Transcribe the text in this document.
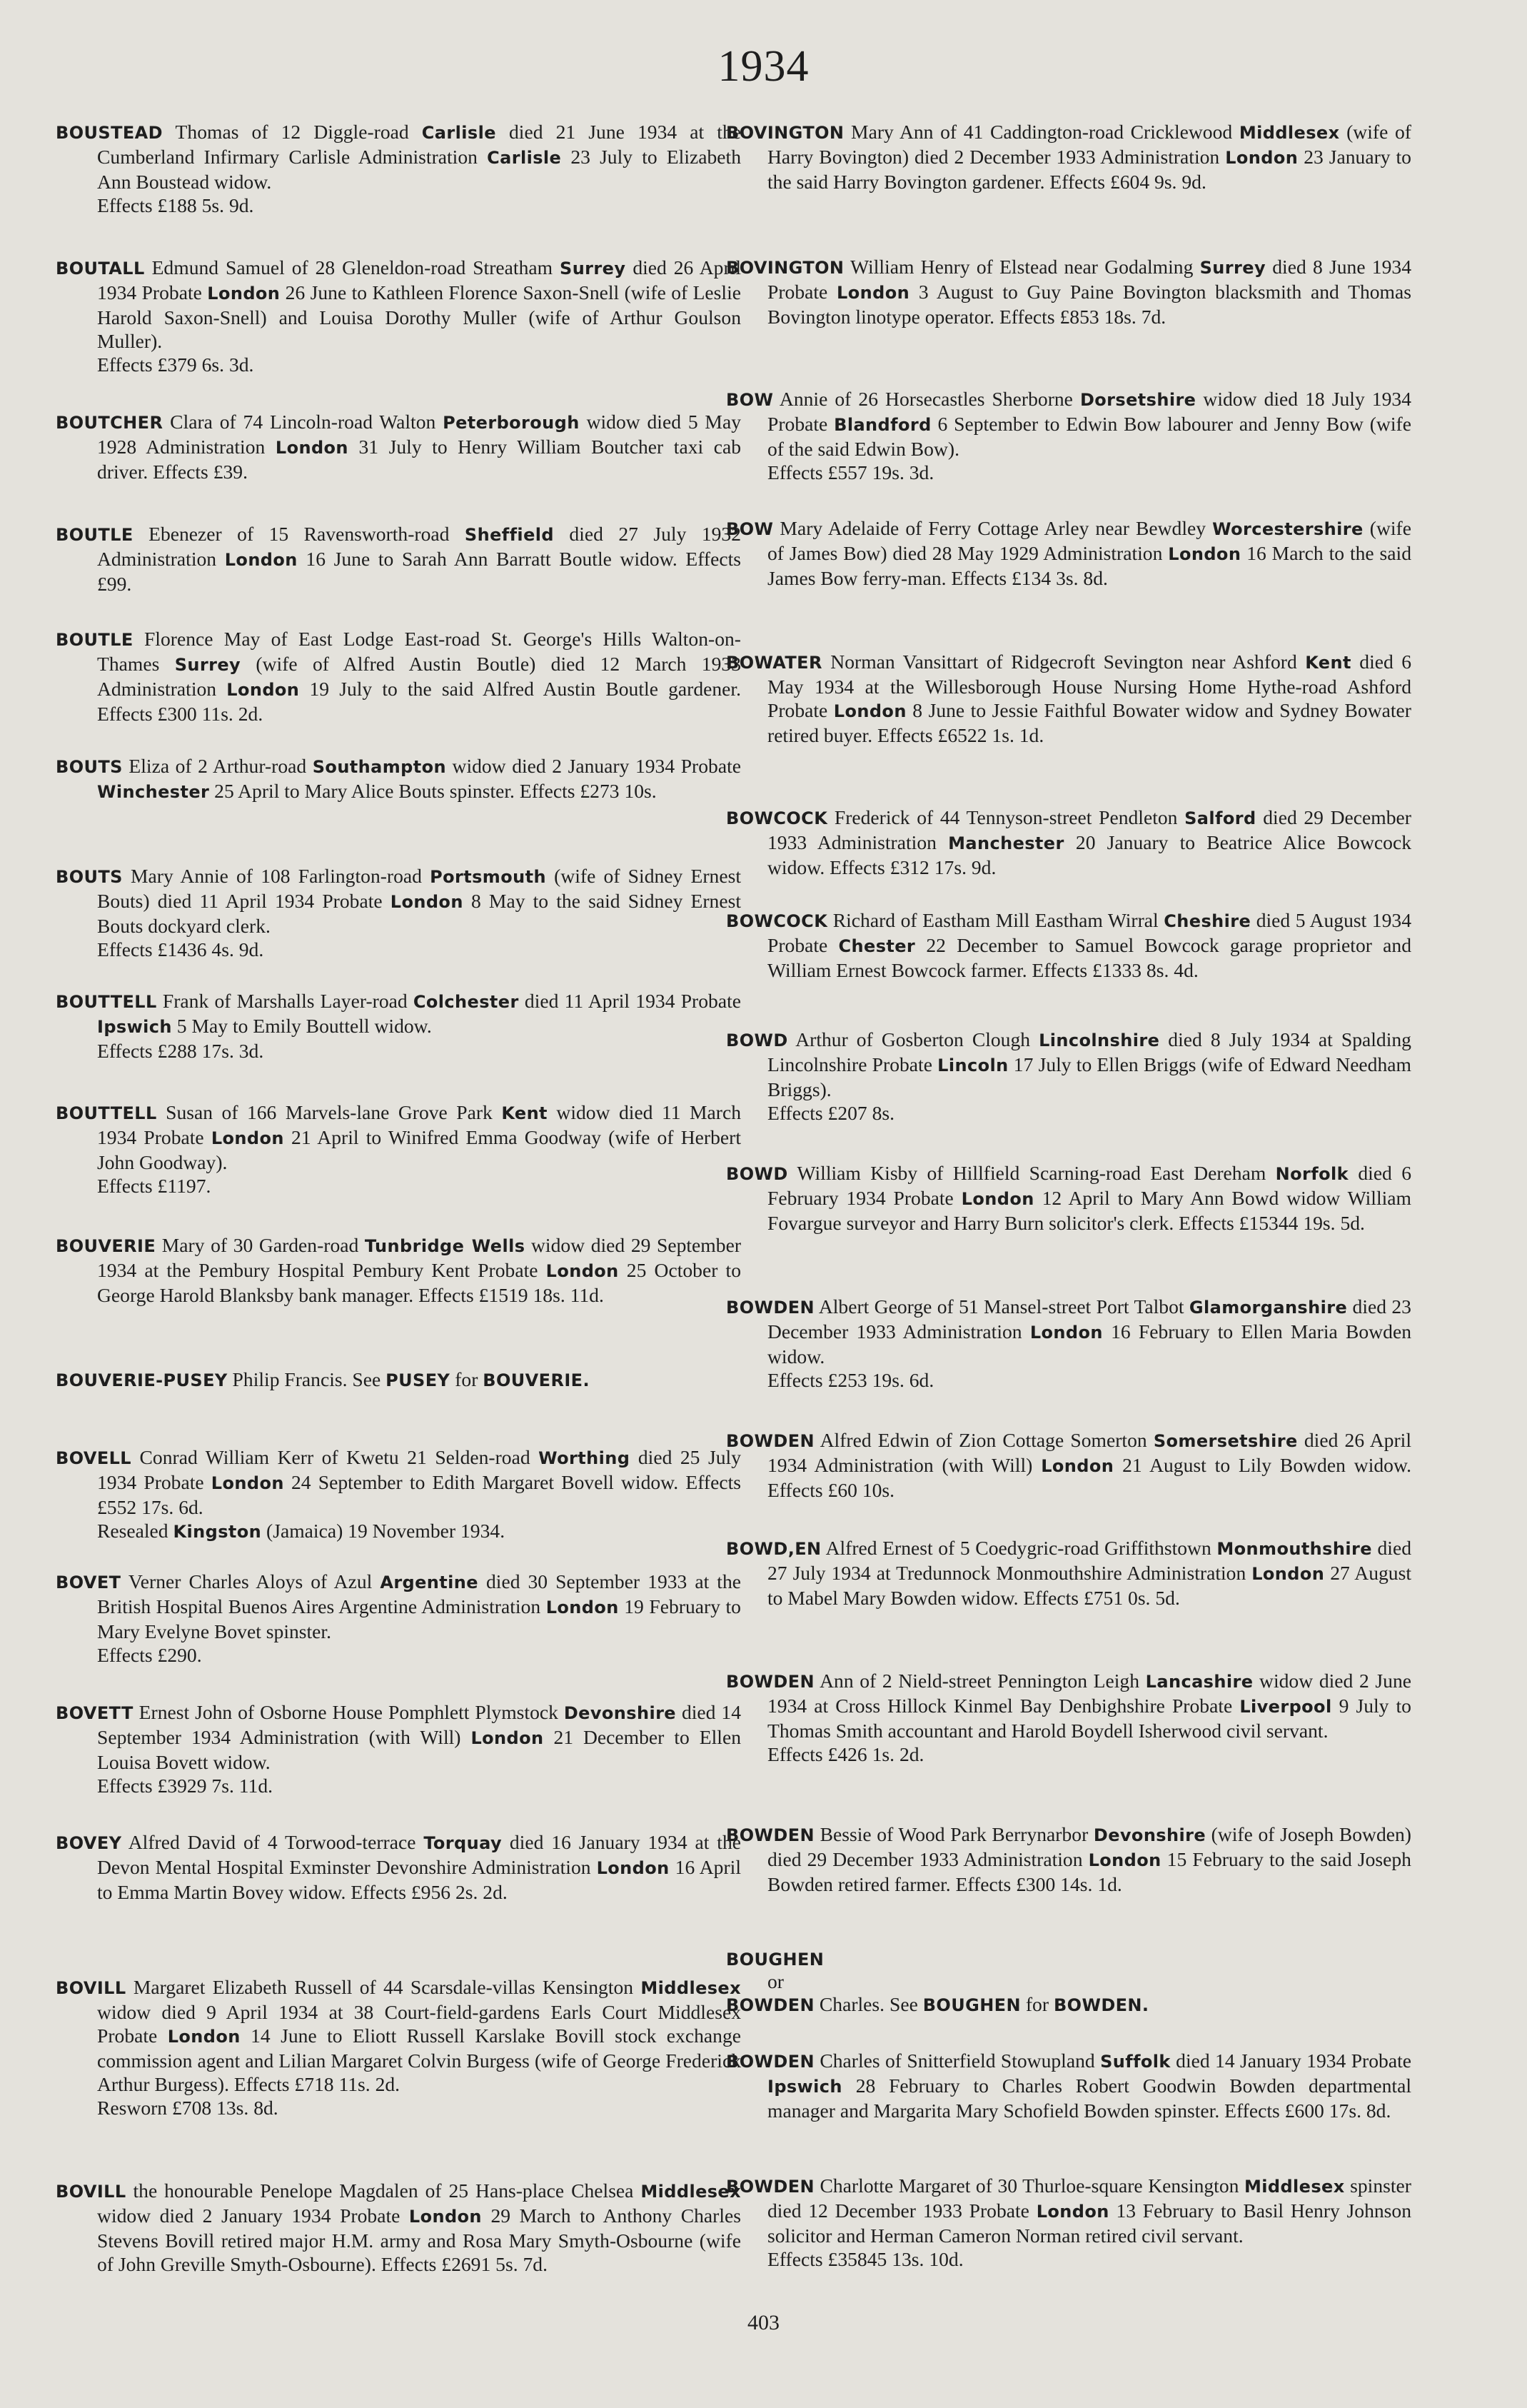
1934

BOUSTEAD Thomas of 12 Diggle-road Carlisle died 21 June 1934 at the Cumberland Infirmary Carlisle Administration Carlisle 23 July to Elizabeth Ann Boustead widow.

Effects £188 5s. 9d.

BOUTALL Edmund Samuel of 28 Gleneldon-road Streatham Surrey died 26 April 1934 Probate London 26 June to Kathleen Florence Saxon-Snell (wife of Leslie Harold Saxon-Snell) and Louisa Dorothy Muller (wife of Arthur Goulson Muller).

Effects £379 6s. 3d.

BOUTCHER Clara of 74 Lincoln-road Walton Peterborough widow died 5 May 1928 Administration London 31 July to Henry William Boutcher taxi cab driver. Effects £39.

BOUTLE Ebenezer of 15 Ravensworth-road Sheffield died 27 July 1932 Administration London 16 June to Sarah Ann Barratt Boutle widow. Effects £99.

BOUTLE Florence May of East Lodge East-road St. George's Hills Walton-on-Thames Surrey (wife of Alfred Austin Boutle) died 12 March 1933 Administration London 19 July to the said Alfred Austin Boutle gardener. Effects £300 11s. 2d.

BOUTS Eliza of 2 Arthur-road Southampton widow died 2 January 1934 Probate Winchester 25 April to Mary Alice Bouts spinster. Effects £273 10s.

BOUTS Mary Annie of 108 Farlington-road Portsmouth (wife of Sidney Ernest Bouts) died 11 April 1934 Probate London 8 May to the said Sidney Ernest Bouts dockyard clerk.

Effects £1436 4s. 9d.

BOUTTELL Frank of Marshalls Layer-road Colchester died 11 April 1934 Probate Ipswich 5 May to Emily Bouttell widow.

Effects £288 17s. 3d.

BOUTTELL Susan of 166 Marvels-lane Grove Park Kent widow died 11 March 1934 Probate London 21 April to Winifred Emma Goodway (wife of Herbert John Goodway).

Effects £1197.

BOUVERIE Mary of 30 Garden-road Tunbridge Wells widow died 29 September 1934 at the Pembury Hospital Pembury Kent Probate London 25 October to George Harold Blanksby bank manager. Effects £1519 18s. 11d.

BOUVERIE-PUSEY Philip Francis. See PUSEY for BOUVERIE.

BOVELL Conrad William Kerr of Kwetu 21 Selden-road Worthing died 25 July 1934 Probate London 24 September to Edith Margaret Bovell widow. Effects £552 17s. 6d.

Resealed Kingston (Jamaica) 19 November 1934.

BOVET Verner Charles Aloys of Azul Argentine died 30 September 1933 at the British Hospital Buenos Aires Argentine Administration London 19 February to Mary Evelyne Bovet spinster.

Effects £290.

BOVETT Ernest John of Osborne House Pomphlett Plymstock Devonshire died 14 September 1934 Administration (with Will) London 21 December to Ellen Louisa Bovett widow.

Effects £3929 7s. 11d.

BOVEY Alfred David of 4 Torwood-terrace Torquay died 16 January 1934 at the Devon Mental Hospital Exminster Devonshire Administration London 16 April to Emma Martin Bovey widow. Effects £956 2s. 2d.

BOVILL Margaret Elizabeth Russell of 44 Scarsdale-villas Kensington Middlesex widow died 9 April 1934 at 38 Court-field-gardens Earls Court Middlesex Probate London 14 June to Eliott Russell Karslake Bovill stock exchange commission agent and Lilian Margaret Colvin Burgess (wife of George Frederick Arthur Burgess). Effects £718 11s. 2d.

Resworn £708 13s. 8d.

BOVILL the honourable Penelope Magdalen of 25 Hans-place Chelsea Middlesex widow died 2 January 1934 Probate London 29 March to Anthony Charles Stevens Bovill retired major H.M. army and Rosa Mary Smyth-Osbourne (wife of John Greville Smyth-Osbourne). Effects £2691 5s. 7d.

BOVINGTON Mary Ann of 41 Caddington-road Cricklewood Middlesex (wife of Harry Bovington) died 2 December 1933 Administration London 23 January to the said Harry Bovington gardener. Effects £604 9s. 9d.

BOVINGTON William Henry of Elstead near Godalming Surrey died 8 June 1934 Probate London 3 August to Guy Paine Bovington blacksmith and Thomas Bovington linotype operator. Effects £853 18s. 7d.

BOW Annie of 26 Horsecastles Sherborne Dorsetshire widow died 18 July 1934 Probate Blandford 6 September to Edwin Bow labourer and Jenny Bow (wife of the said Edwin Bow).

Effects £557 19s. 3d.

BOW Mary Adelaide of Ferry Cottage Arley near Bewdley Worcestershire (wife of James Bow) died 28 May 1929 Administration London 16 March to the said James Bow ferry-man. Effects £134 3s. 8d.

BOWATER Norman Vansittart of Ridgecroft Sevington near Ashford Kent died 6 May 1934 at the Willesborough House Nursing Home Hythe-road Ashford Probate London 8 June to Jessie Faithful Bowater widow and Sydney Bowater retired buyer. Effects £6522 1s. 1d.

BOWCOCK Frederick of 44 Tennyson-street Pendleton Salford died 29 December 1933 Administration Manchester 20 January to Beatrice Alice Bowcock widow. Effects £312 17s. 9d.

BOWCOCK Richard of Eastham Mill Eastham Wirral Cheshire died 5 August 1934 Probate Chester 22 December to Samuel Bowcock garage proprietor and William Ernest Bowcock farmer. Effects £1333 8s. 4d.

BOWD Arthur of Gosberton Clough Lincolnshire died 8 July 1934 at Spalding Lincolnshire Probate Lincoln 17 July to Ellen Briggs (wife of Edward Needham Briggs).

Effects £207 8s.

BOWD William Kisby of Hillfield Scarning-road East Dereham Norfolk died 6 February 1934 Probate London 12 April to Mary Ann Bowd widow William Fovargue surveyor and Harry Burn solicitor's clerk. Effects £15344 19s. 5d.

BOWDEN Albert George of 51 Mansel-street Port Talbot Glamorganshire died 23 December 1933 Administration London 16 February to Ellen Maria Bowden widow.

Effects £253 19s. 6d.

BOWDEN Alfred Edwin of Zion Cottage Somerton Somersetshire died 26 April 1934 Administration (with Will) London 21 August to Lily Bowden widow. Effects £60 10s.

BOWD,EN Alfred Ernest of 5 Coedygric-road Griffithstown Monmouthshire died 27 July 1934 at Tredunnock Monmouthshire Administration London 27 August to Mabel Mary Bowden widow. Effects £751 0s. 5d.

BOWDEN Ann of 2 Nield-street Pennington Leigh Lancashire widow died 2 June 1934 at Cross Hillock Kinmel Bay Denbighshire Probate Liverpool 9 July to Thomas Smith accountant and Harold Boydell Isherwood civil servant.

Effects £426 1s. 2d.

BOWDEN Bessie of Wood Park Berrynarbor Devonshire (wife of Joseph Bowden) died 29 December 1933 Administration London 15 February to the said Joseph Bowden retired farmer. Effects £300 14s. 1d.

BOUGHEN

or

BOWDEN Charles. See BOUGHEN for BOWDEN.

BOWDEN Charles of Snitterfield Stowupland Suffolk died 14 January 1934 Probate Ipswich 28 February to Charles Robert Goodwin Bowden departmental manager and Margarita Mary Schofield Bowden spinster. Effects £600 17s. 8d.

BOWDEN Charlotte Margaret of 30 Thurloe-square Kensington Middlesex spinster died 12 December 1933 Probate London 13 February to Basil Henry Johnson solicitor and Herman Cameron Norman retired civil servant.

Effects £35845 13s. 10d.
403
